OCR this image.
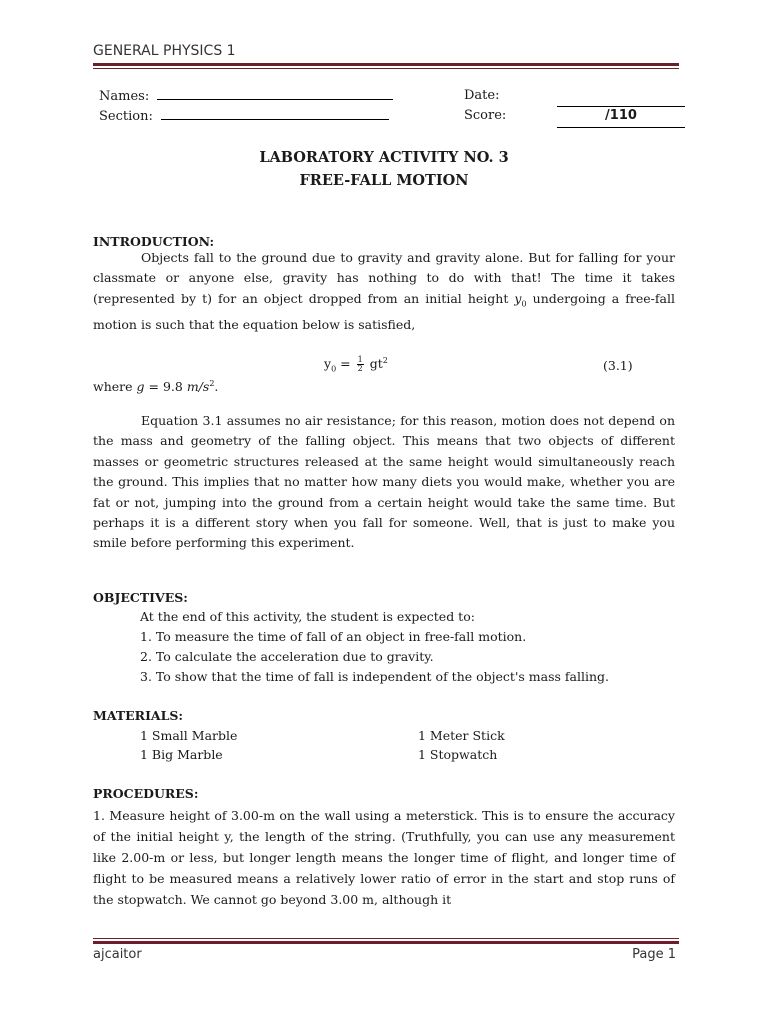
GENERAL PHYSICS 1
Names:
Section:
Date:
Score:	/110
LABORATORY ACTIVITY NO. 3
FREE-FALL MOTION
INTRODUCTION:
Objects fall to the ground due to gravity and gravity alone. But for falling for your classmate or anyone else, gravity has nothing to do with that! The time it takes (represented by t) for an object dropped from an initial height $y_0$ undergoing a free-fall motion is such that the equation below is satisfied,
$y_0 = \frac{1}{2} gt^2$	(3.1)
where g = 9.8 $m/s^2$.
Equation 3.1 assumes no air resistance; for this reason, motion does not depend on the mass and geometry of the falling object. This means that two objects of different masses or geometric structures released at the same height would simultaneously reach the ground. This implies that no matter how many diets you would make, whether you are fat or not, jumping into the ground from a certain height would take the same time. But perhaps it is a different story when you fall for someone. Well, that is just to make you smile before performing this experiment.
OBJECTIVES:
At the end of this activity, the student is expected to:
1. To measure the time of fall of an object in free-fall motion.
2. To calculate the acceleration due to gravity.
3. To show that the time of fall is independent of the object's mass falling.
MATERIALS:
1 Small Marble	1 Meter Stick
1 Big Marble	1 Stopwatch
PROCEDURES:
1. Measure height of 3.00-m on the wall using a meterstick. This is to ensure the accuracy of the initial height y, the length of the string. (Truthfully, you can use any measurement like 2.00-m or less, but longer length means the longer time of flight, and longer time of flight to be measured means a relatively lower ratio of error in the start and stop runs of the stopwatch. We cannot go beyond 3.00 m, although it
ajcaitor	Page 1
